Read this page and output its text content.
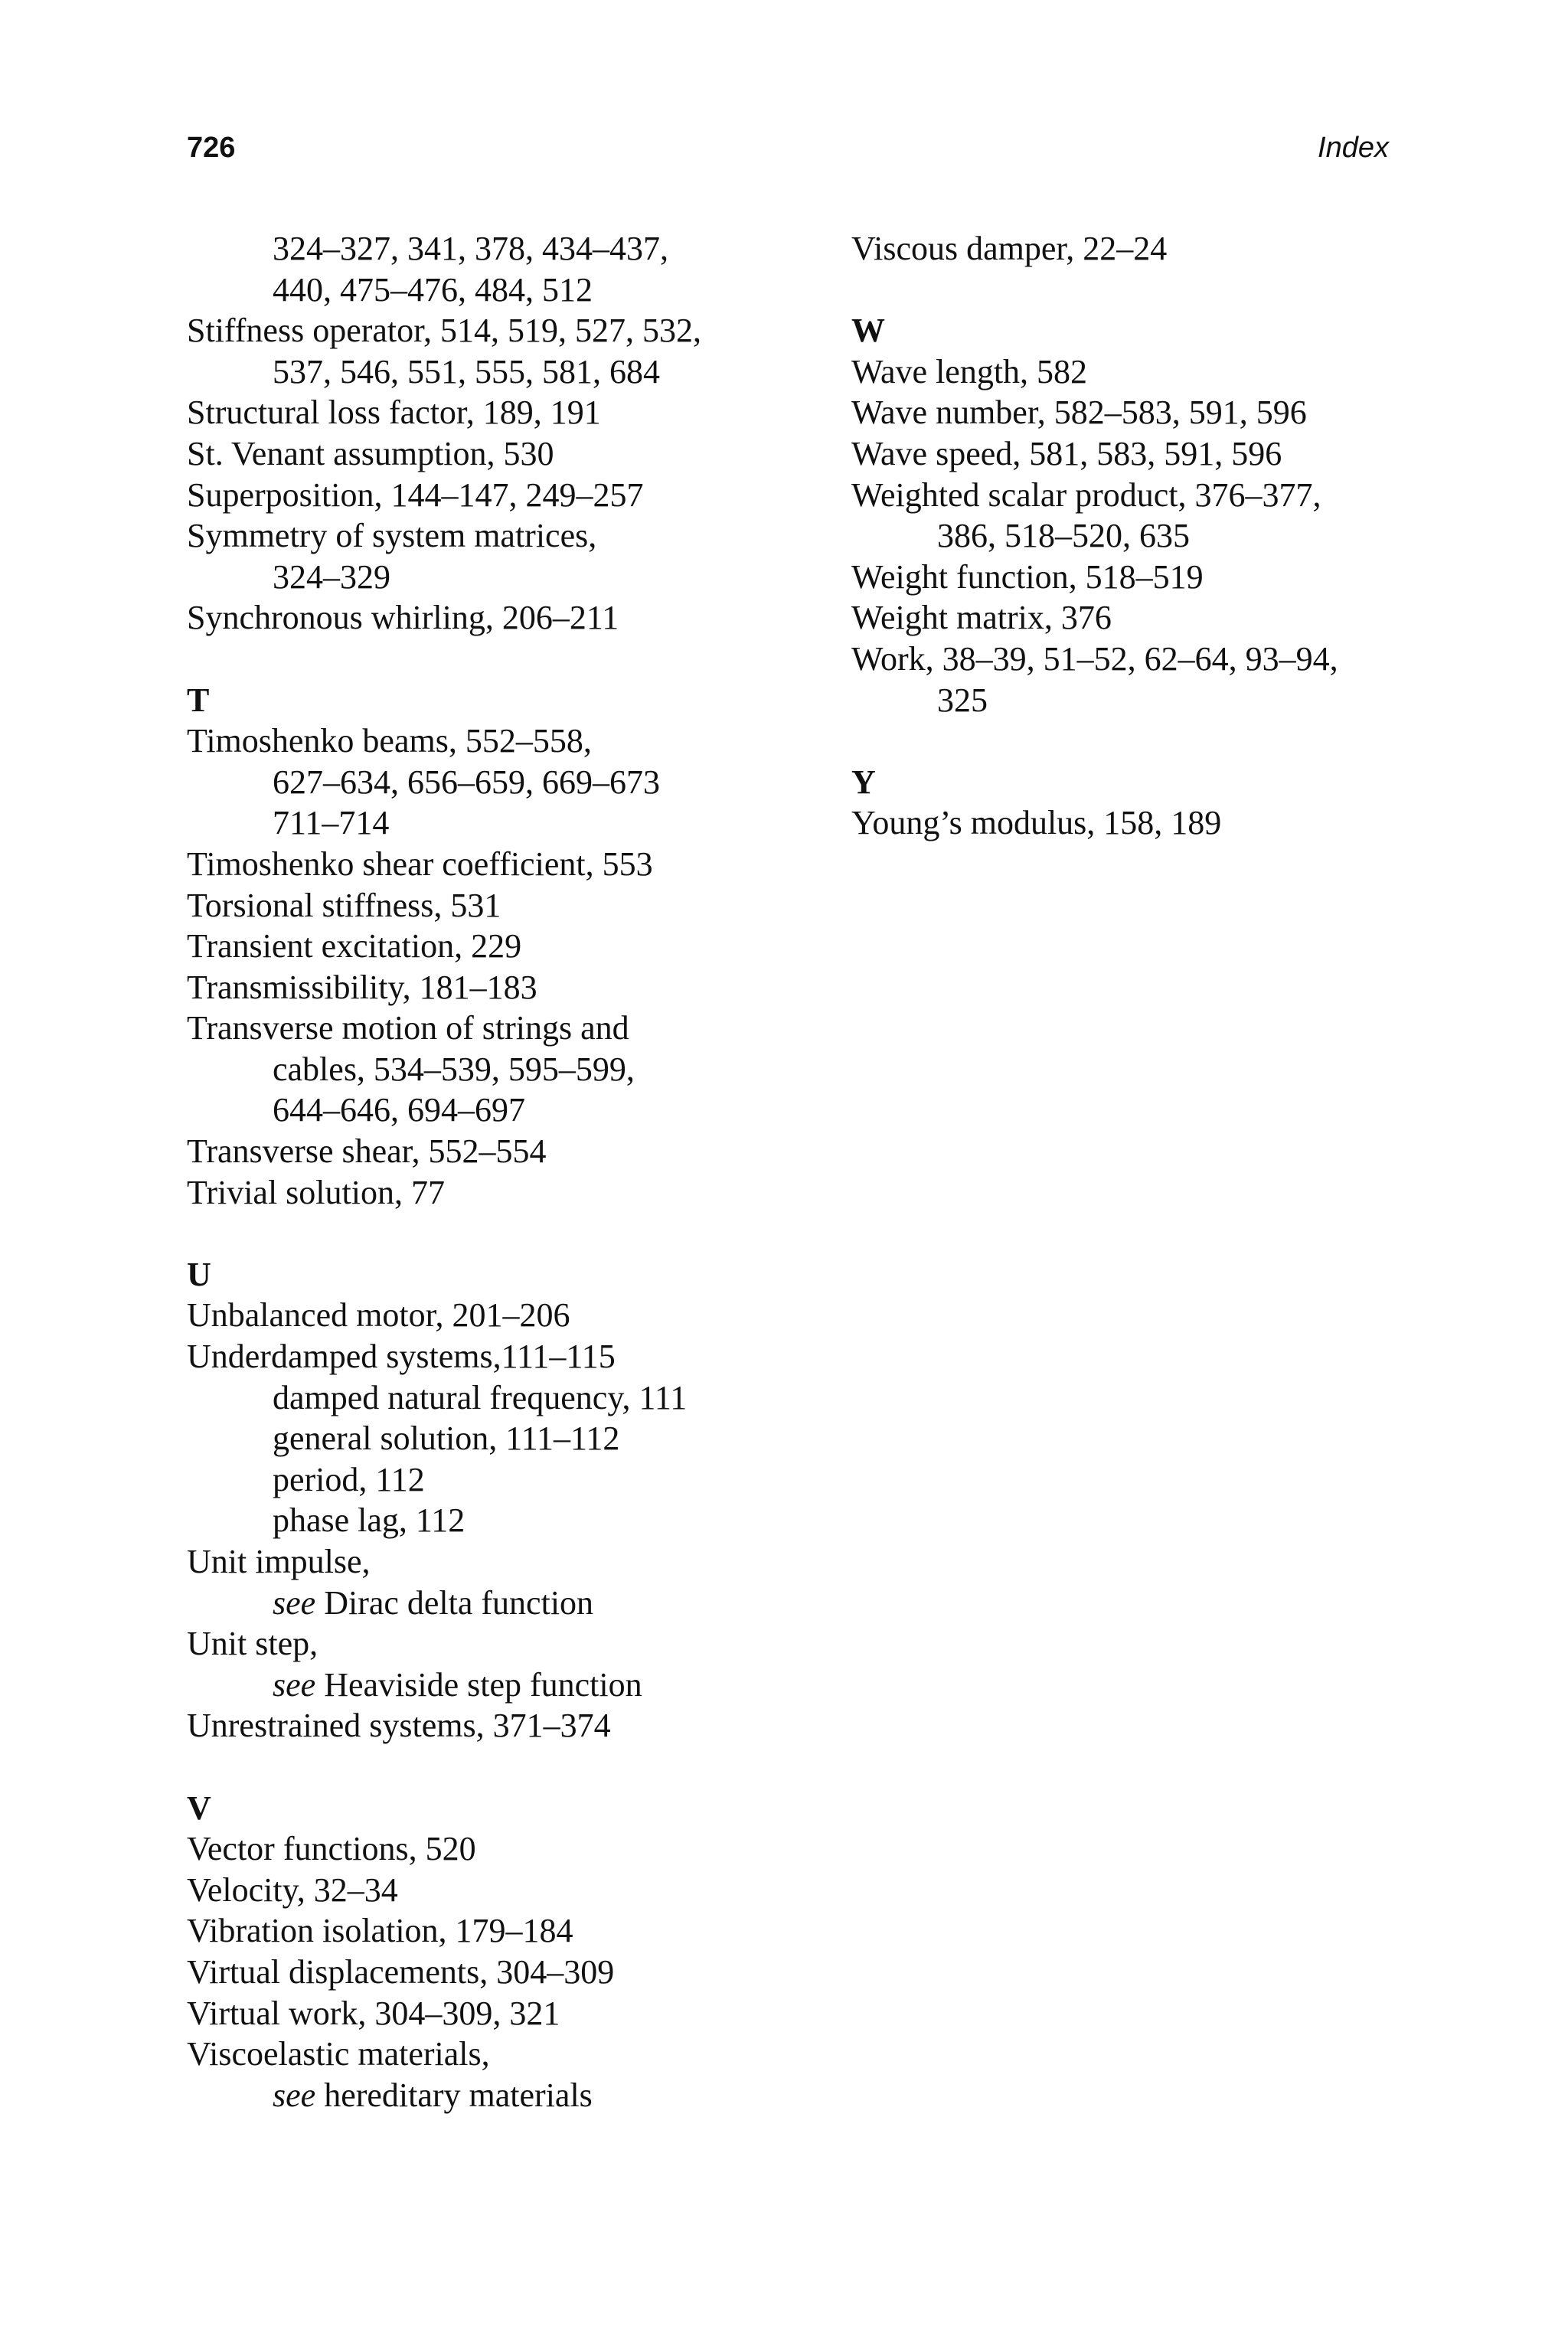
726	Index
324–327, 341, 378, 434–437,
440, 475–476, 484, 512
Stiffness operator, 514, 519, 527, 532,
537, 546, 551, 555, 581, 684
Structural loss factor, 189, 191
St. Venant assumption, 530
Superposition, 144–147, 249–257
Symmetry of system matrices,
324–329
Synchronous whirling, 206–211
T
Timoshenko beams, 552–558,
627–634, 656–659, 669–673
711–714
Timoshenko shear coefficient, 553
Torsional stiffness, 531
Transient excitation, 229
Transmissibility, 181–183
Transverse motion of strings and
cables, 534–539, 595–599,
644–646, 694–697
Transverse shear, 552–554
Trivial solution, 77
U
Unbalanced motor, 201–206
Underdamped systems,111–115
damped natural frequency, 111
general solution, 111–112
period, 112
phase lag, 112
Unit impulse,
see Dirac delta function
Unit step,
see Heaviside step function
Unrestrained systems, 371–374
V
Vector functions, 520
Velocity, 32–34
Vibration isolation, 179–184
Virtual displacements, 304–309
Virtual work, 304–309, 321
Viscoelastic materials,
see hereditary materials
Viscous damper, 22–24
W
Wave length, 582
Wave number, 582–583, 591, 596
Wave speed, 581, 583, 591, 596
Weighted scalar product, 376–377,
386, 518–520, 635
Weight function, 518–519
Weight matrix, 376
Work, 38–39, 51–52, 62–64, 93–94,
325
Y
Young’s modulus, 158, 189
